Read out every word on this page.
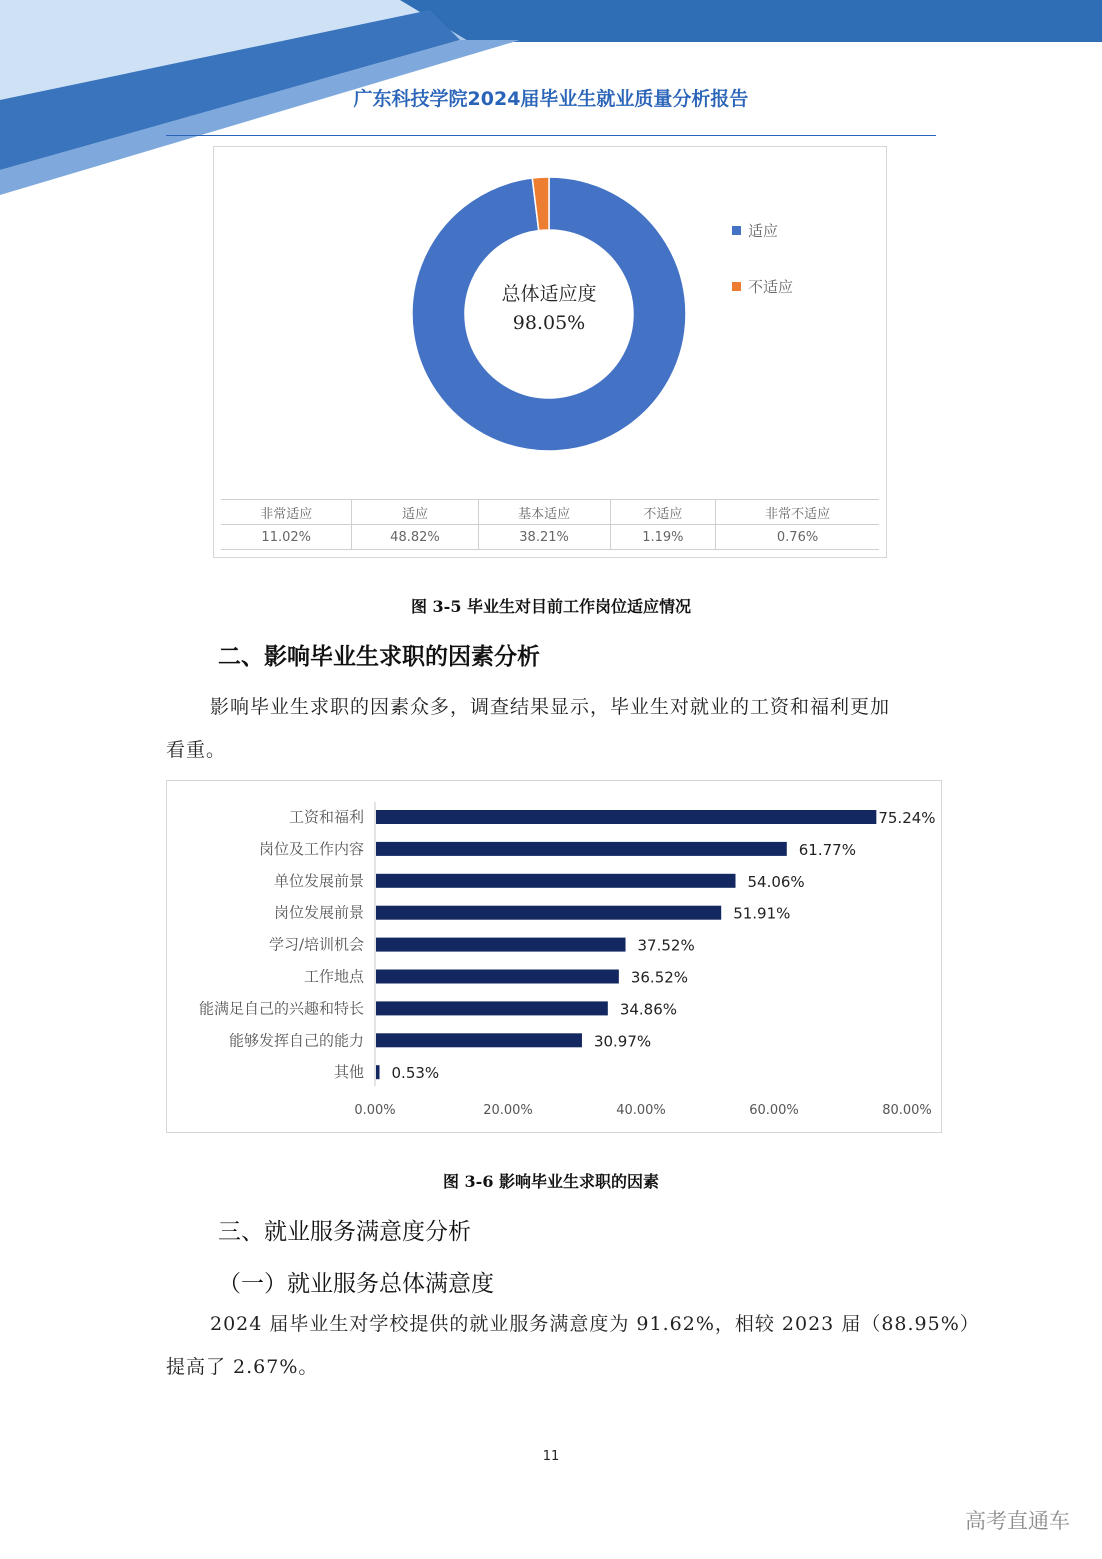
广东科技学院2024届毕业生就业质量分析报告
总体适应度
98.05%
适应
不适应
非常适应	适应	基本适应	不适应	非常不适应
11.02%	48.82%	38.21%	1.19%	0.76%
图 3-5 毕业生对目前工作岗位适应情况
二、影响毕业生求职的因素分析
影响毕业生求职的因素众多，调查结果显示，毕业生对就业的工资和福利更加
看重。
工资和福利
岗位及工作内容
单位发展前景
岗位发展前景
学习/培训机会
工作地点
能满足自己的兴趣和特长
能够发挥自己的能力
其他
75.24%
61.77%
54.06%
51.91%
37.52%
36.52%
34.86%
30.97%
0.53%
0.00%	20.00%	40.00%	60.00%	80.00%
图 3-6 影响毕业生求职的因素
三、就业服务满意度分析
（一）就业服务总体满意度
2024 届毕业生对学校提供的就业服务满意度为 91.62%，相较 2023 届（88.95%）
提高了 2.67%。
11
高考直通车
